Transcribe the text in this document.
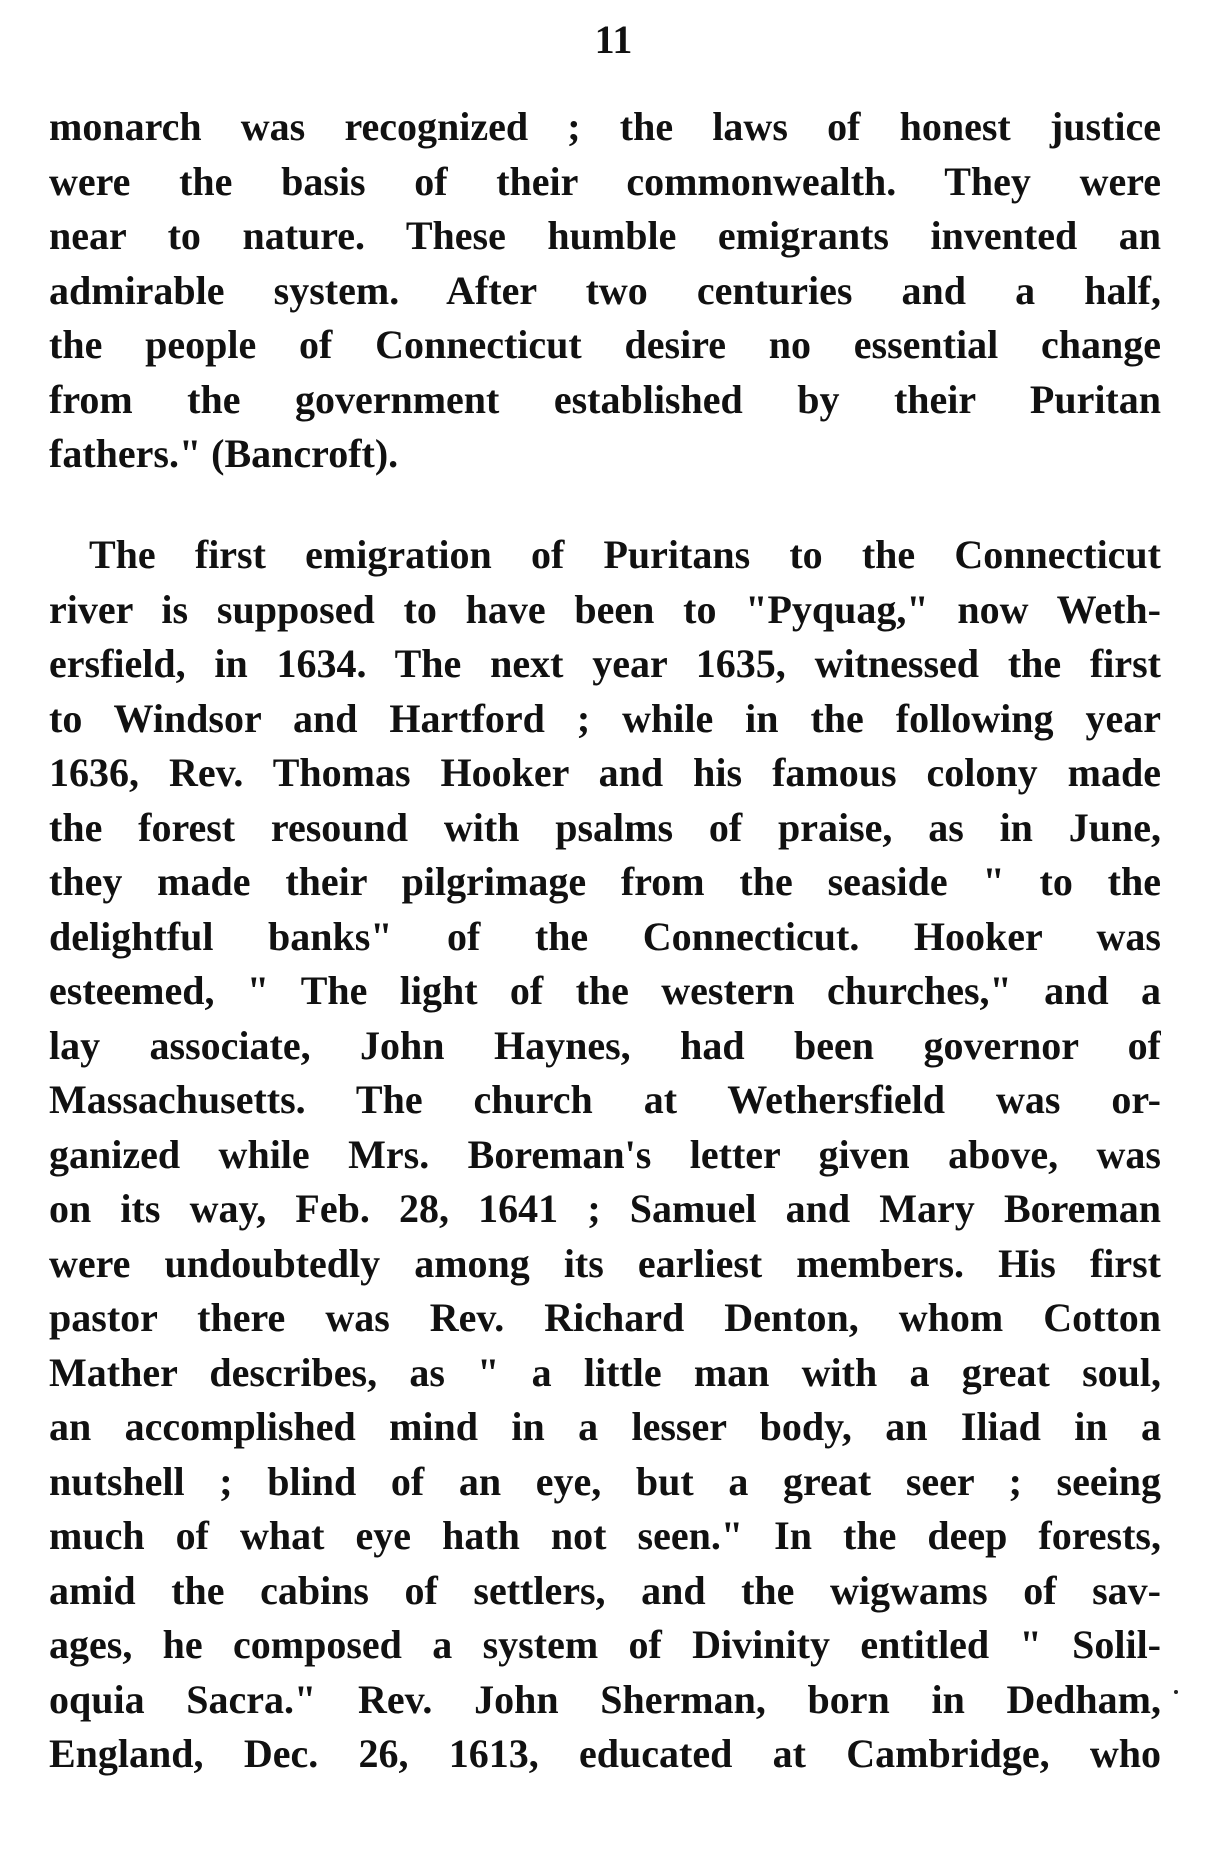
11
monarch was recognized ; the laws of honest justice
were the basis of their commonwealth. They were
near to nature. These humble emigrants invented an
admirable system. After two centuries and a half,
the people of Connecticut desire no essential change
from the government established by their Puritan
fathers." (Bancroft).
The first emigration of Puritans to the Connecticut
river is supposed to have been to "Pyquag," now Weth-
ersfield, in 1634. The next year 1635, witnessed the first
to Windsor and Hartford ; while in the following year
1636, Rev. Thomas Hooker and his famous colony made
the forest resound with psalms of praise, as in June,
they made their pilgrimage from the seaside " to the
delightful banks" of the Connecticut. Hooker was
esteemed, " The light of the western churches," and a
lay associate, John Haynes, had been governor of
Massachusetts. The church at Wethersfield was or-
ganized while Mrs. Boreman's letter given above, was
on its way, Feb. 28, 1641 ; Samuel and Mary Boreman
were undoubtedly among its earliest members. His first
pastor there was Rev. Richard Denton, whom Cotton
Mather describes, as " a little man with a great soul,
an accomplished mind in a lesser body, an Iliad in a
nutshell ; blind of an eye, but a great seer ; seeing
much of what eye hath not seen." In the deep forests,
amid the cabins of settlers, and the wigwams of sav-
ages, he composed a system of Divinity entitled " Solil-
oquia Sacra." Rev. John Sherman, born in Dedham,
England, Dec. 26, 1613, educated at Cambridge, who
